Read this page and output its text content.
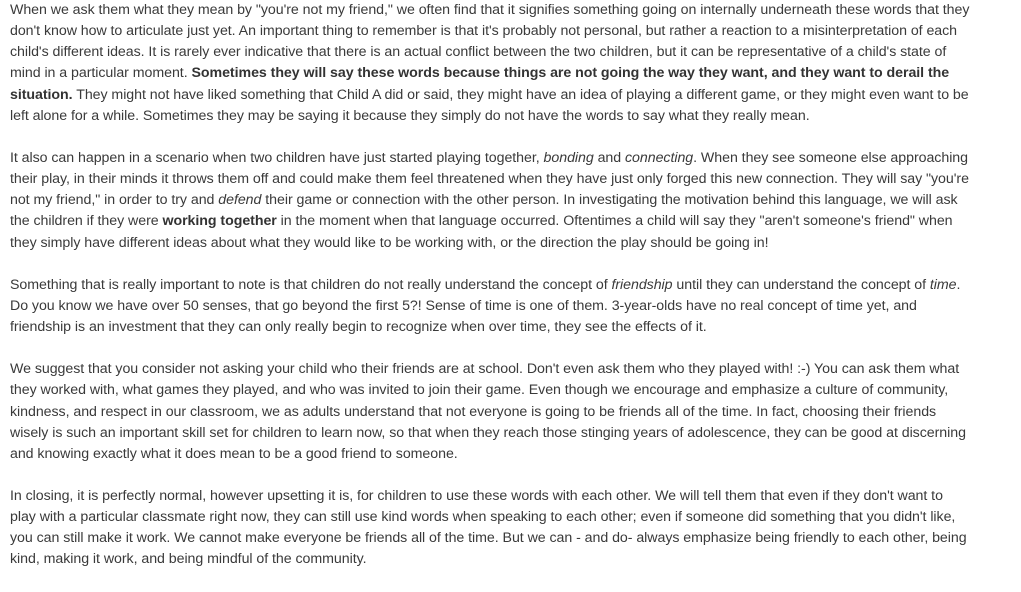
When we ask them what they mean by "you're not my friend," we often find that it signifies something going on internally underneath these words that they don't know how to articulate just yet. An important thing to remember is that it's probably not personal, but rather a reaction to a misinterpretation of each child's different ideas. It is rarely ever indicative that there is an actual conflict between the two children, but it can be representative of a child's state of mind in a particular moment. Sometimes they will say these words because things are not going the way they want, and they want to derail the situation. They might not have liked something that Child A did or said, they might have an idea of playing a different game, or they might even want to be left alone for a while. Sometimes they may be saying it because they simply do not have the words to say what they really mean.

It also can happen in a scenario when two children have just started playing together, bonding and connecting. When they see someone else approaching their play, in their minds it throws them off and could make them feel threatened when they have just only forged this new connection. They will say "you're not my friend," in order to try and defend their game or connection with the other person. In investigating the motivation behind this language, we will ask the children if they were working together in the moment when that language occurred. Oftentimes a child will say they "aren't someone's friend" when they simply have different ideas about what they would like to be working with, or the direction the play should be going in!

Something that is really important to note is that children do not really understand the concept of friendship until they can understand the concept of time. Do you know we have over 50 senses, that go beyond the first 5?! Sense of time is one of them. 3-year-olds have no real concept of time yet, and friendship is an investment that they can only really begin to recognize when over time, they see the effects of it.

We suggest that you consider not asking your child who their friends are at school. Don't even ask them who they played with! :-) You can ask them what they worked with, what games they played, and who was invited to join their game. Even though we encourage and emphasize a culture of community, kindness, and respect in our classroom, we as adults understand that not everyone is going to be friends all of the time. In fact, choosing their friends wisely is such an important skill set for children to learn now, so that when they reach those stinging years of adolescence, they can be good at discerning and knowing exactly what it does mean to be a good friend to someone.

In closing, it is perfectly normal, however upsetting it is, for children to use these words with each other. We will tell them that even if they don't want to play with a particular classmate right now, they can still use kind words when speaking to each other; even if someone did something that you didn't like, you can still make it work. We cannot make everyone be friends all of the time. But we can - and do- always emphasize being friendly to each other, being kind, making it work, and being mindful of the community.
